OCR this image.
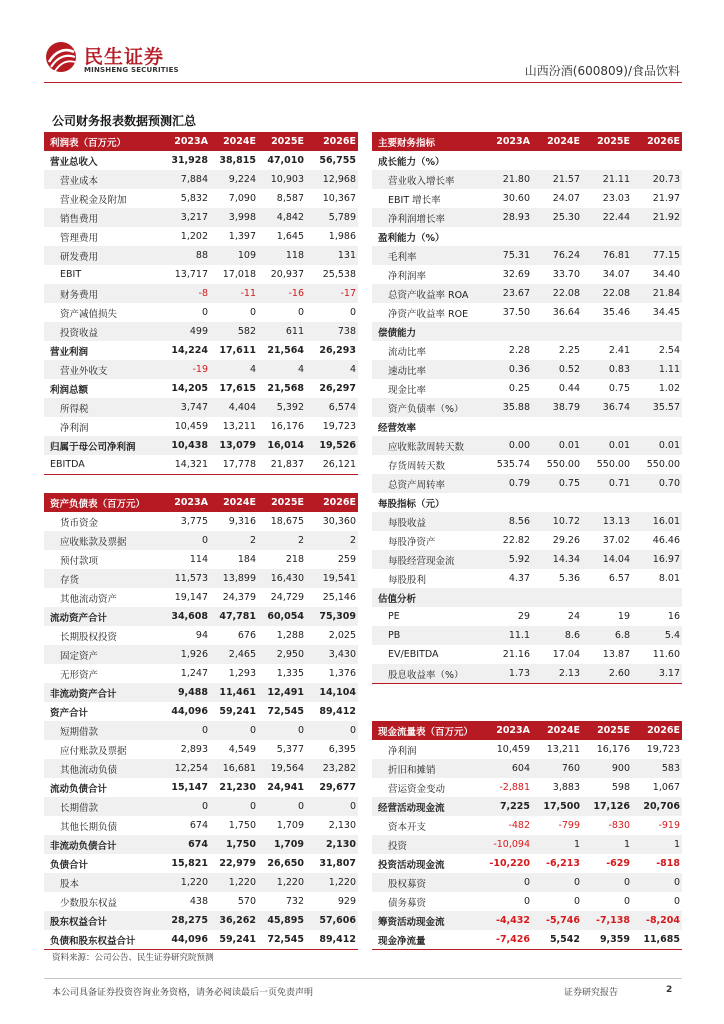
民生证券
MINSHENG SECURITIES	山西汾酒(600809)/食品饮料
公司财务报表数据预测汇总
利润表（百万元）	2023A	2024E	2025E	2026E
营业总收入	31,928	38,815	47,010	56,755
营业成本	7,884	9,224	10,903	12,968
营业税金及附加	5,832	7,090	8,587	10,367
销售费用	3,217	3,998	4,842	5,789
管理费用	1,202	1,397	1,645	1,986
研发费用	88	109	118	131
EBIT	13,717	17,018	20,937	25,538
财务费用	-8	-11	-16	-17
资产减值损失	0	0	0	0
投资收益	499	582	611	738
营业利润	14,224	17,611	21,564	26,293
营业外收支	-19	4	4	4
利润总额	14,205	17,615	21,568	26,297
所得税	3,747	4,404	5,392	6,574
净利润	10,459	13,211	16,176	19,723
归属于母公司净利润	10,438	13,079	16,014	19,526
EBITDA	14,321	17,778	21,837	26,121
资产负债表（百万元）	2023A	2024E	2025E	2026E
货币资金	3,775	9,316	18,675	30,360
应收账款及票据	0	2	2	2
预付款项	114	184	218	259
存货	11,573	13,899	16,430	19,541
其他流动资产	19,147	24,379	24,729	25,146
流动资产合计	34,608	47,781	60,054	75,309
长期股权投资	94	676	1,288	2,025
固定资产	1,926	2,465	2,950	3,430
无形资产	1,247	1,293	1,335	1,376
非流动资产合计	9,488	11,461	12,491	14,104
资产合计	44,096	59,241	72,545	89,412
短期借款	0	0	0	0
应付账款及票据	2,893	4,549	5,377	6,395
其他流动负债	12,254	16,681	19,564	23,282
流动负债合计	15,147	21,230	24,941	29,677
长期借款	0	0	0	0
其他长期负债	674	1,750	1,709	2,130
非流动负债合计	674	1,750	1,709	2,130
负债合计	15,821	22,979	26,650	31,807
股本	1,220	1,220	1,220	1,220
少数股东权益	438	570	732	929
股东权益合计	28,275	36,262	45,895	57,606
负债和股东权益合计	44,096	59,241	72,545	89,412
主要财务指标	2023A	2024E	2025E	2026E
成长能力（%）				
营业收入增长率	21.80	21.57	21.11	20.73
EBIT 增长率	30.60	24.07	23.03	21.97
净利润增长率	28.93	25.30	22.44	21.92
盈利能力（%）				
毛利率	75.31	76.24	76.81	77.15
净利润率	32.69	33.70	34.07	34.40
总资产收益率 ROA	23.67	22.08	22.08	21.84
净资产收益率 ROE	37.50	36.64	35.46	34.45
偿债能力				
流动比率	2.28	2.25	2.41	2.54
速动比率	0.36	0.52	0.83	1.11
现金比率	0.25	0.44	0.75	1.02
资产负债率（%）	35.88	38.79	36.74	35.57
经营效率				
应收账款周转天数	0.00	0.01	0.01	0.01
存货周转天数	535.74	550.00	550.00	550.00
总资产周转率	0.79	0.75	0.71	0.70
每股指标（元）				
每股收益	8.56	10.72	13.13	16.01
每股净资产	22.82	29.26	37.02	46.46
每股经营现金流	5.92	14.34	14.04	16.97
每股股利	4.37	5.36	6.57	8.01
估值分析				
PE	29	24	19	16
PB	11.1	8.6	6.8	5.4
EV/EBITDA	21.16	17.04	13.87	11.60
股息收益率（%）	1.73	2.13	2.60	3.17
现金流量表（百万元）	2023A	2024E	2025E	2026E
净利润	10,459	13,211	16,176	19,723
折旧和摊销	604	760	900	583
营运资金变动	-2,881	3,883	598	1,067
经营活动现金流	7,225	17,500	17,126	20,706
资本开支	-482	-799	-830	-919
投资	-10,094	1	1	1
投资活动现金流	-10,220	-6,213	-629	-818
股权募资	0	0	0	0
债务募资	0	0	0	0
筹资活动现金流	-4,432	-5,746	-7,138	-8,204
现金净流量	-7,426	5,542	9,359	11,685
资料来源：公司公告、民生证券研究院预测
本公司具备证券投资咨询业务资格，请务必阅读最后一页免责声明	证券研究报告	2
